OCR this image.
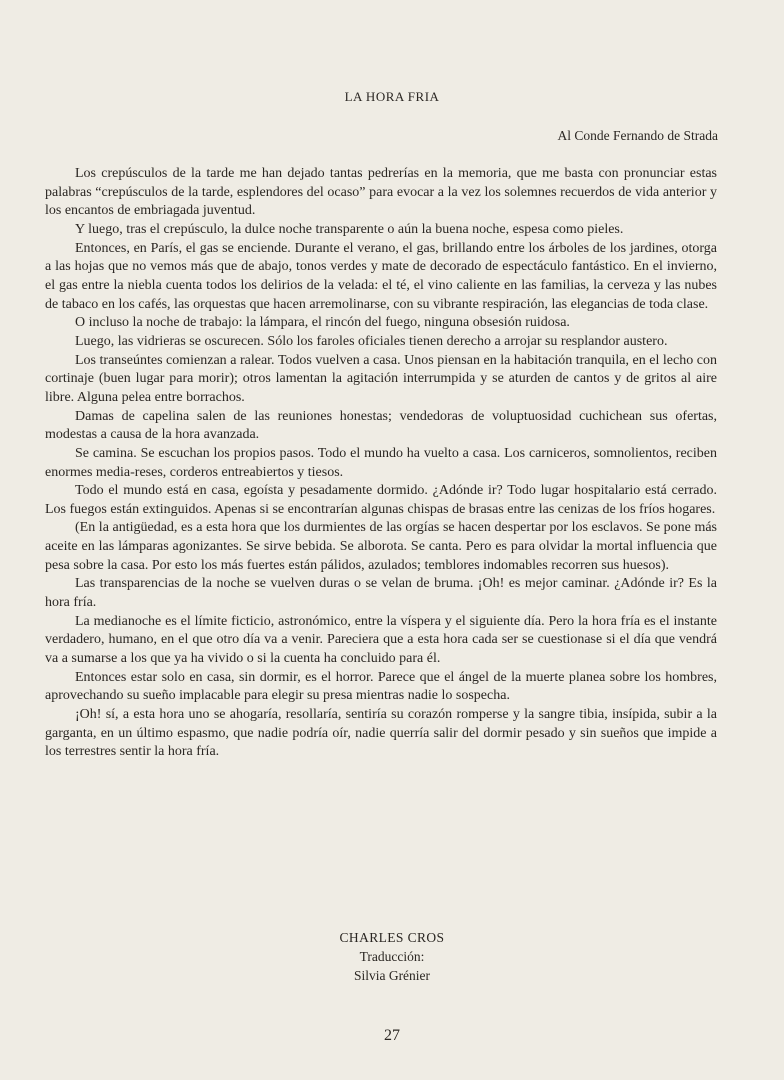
LA HORA FRIA
Al Conde Fernando de Strada

Los crepúsculos de la tarde me han dejado tantas pedrerías en la memoria, que me basta con pronunciar estas palabras “crepúsculos de la tarde, esplendores del ocaso” para evocar a la vez los solemnes recuerdos de vida anterior y los encantos de embriagada juventud.

Y luego, tras el crepúsculo, la dulce noche transparente o aún la buena noche, espesa como pieles.

Entonces, en París, el gas se enciende. Durante el verano, el gas, brillando entre los árboles de los jardines, otorga a las hojas que no vemos más que de abajo, tonos verdes y mate de decorado de espectáculo fantástico. En el invierno, el gas entre la niebla cuenta todos los delirios de la velada: el té, el vino caliente en las familias, la cerveza y las nubes de tabaco en los cafés, las orquestas que hacen arremolinarse, con su vibrante respiración, las elegancias de toda clase.

O incluso la noche de trabajo: la lámpara, el rincón del fuego, ninguna obsesión ruidosa.

Luego, las vidrieras se oscurecen. Sólo los faroles oficiales tienen derecho a arrojar su resplandor austero.

Los transeúntes comienzan a ralear. Todos vuelven a casa. Unos piensan en la habitación tranquila, en el lecho con cortinaje (buen lugar para morir); otros lamentan la agitación interrumpida y se aturden de cantos y de gritos al aire libre. Alguna pelea entre borrachos.

Damas de capelina salen de las reuniones honestas; vendedoras de voluptuosidad cuchichean sus ofertas, modestas a causa de la hora avanzada.

Se camina. Se escuchan los propios pasos. Todo el mundo ha vuelto a casa. Los carniceros, somnolientos, reciben enormes media-reses, corderos entreabiertos y tiesos.

Todo el mundo está en casa, egoísta y pesadamente dormido. ¿Adónde ir? Todo lugar hospitalario está cerrado. Los fuegos están extinguidos. Apenas si se encontrarían algunas chispas de brasas entre las cenizas de los fríos hogares.

(En la antigüedad, es a esta hora que los durmientes de las orgías se hacen despertar por los esclavos. Se pone más aceite en las lámparas agonizantes. Se sirve bebida. Se alborota. Se canta. Pero es para olvidar la mortal influencia que pesa sobre la casa. Por esto los más fuertes están pálidos, azulados; temblores indomables recorren sus huesos).

Las transparencias de la noche se vuelven duras o se velan de bruma. ¡Oh! es mejor caminar. ¿Adónde ir? Es la hora fría.

La medianoche es el límite ficticio, astronómico, entre la víspera y el siguiente día. Pero la hora fría es el instante verdadero, humano, en el que otro día va a venir. Pareciera que a esta hora cada ser se cuestionase si el día que vendrá va a sumarse a los que ya ha vivido o si la cuenta ha concluido para él.

Entonces estar solo en casa, sin dormir, es el horror. Parece que el ángel de la muerte planea sobre los hombres, aprovechando su sueño implacable para elegir su presa mientras nadie lo sospecha.

¡Oh! sí, a esta hora uno se ahogaría, resollaría, sentiría su corazón romperse y la sangre tibia, insípida, subir a la garganta, en un último espasmo, que nadie podría oír, nadie querría salir del dormir pesado y sin sueños que impide a los terrestres sentir la hora fría.

CHARLES CROS
Traducción:
Silvia Grénier
27
